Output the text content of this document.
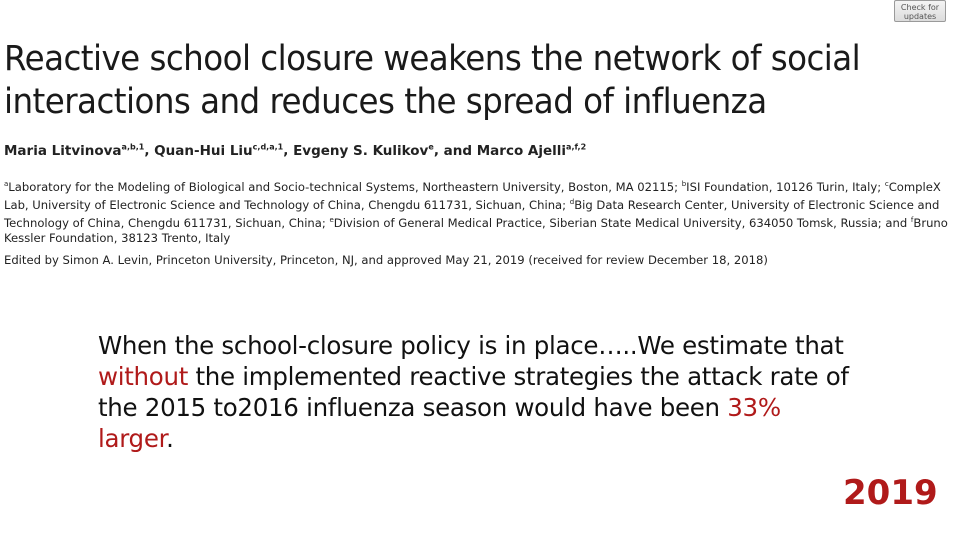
Check for
updates
Reactive school closure weakens the network of social interactions and reduces the spread of influenza
Maria Litvinova$^{a,b,1}$, Quan-Hui Liu$^{c,d,a,1}$, Evgeny S. Kulikov$^e$, and Marco Ajelli$^{a,f,2}$
$^a$Laboratory for the Modeling of Biological and Socio-technical Systems, Northeastern University, Boston, MA 02115; $^b$ISI Foundation, 10126 Turin, Italy; $^c$CompleX Lab, University of Electronic Science and Technology of China, Chengdu 611731, Sichuan, China; $^d$Big Data Research Center, University of Electronic Science and Technology of China, Chengdu 611731, Sichuan, China; $^e$Division of General Medical Practice, Siberian State Medical University, 634050 Tomsk, Russia; and $^f$Bruno Kessler Foundation, 38123 Trento, Italy
Edited by Simon A. Levin, Princeton University, Princeton, NJ, and approved May 21, 2019 (received for review December 18, 2018)
When the school-closure policy is in place…..We estimate that without the implemented reactive strategies the attack rate of the 2015 to2016 influenza season would have been 33% larger.
2019
